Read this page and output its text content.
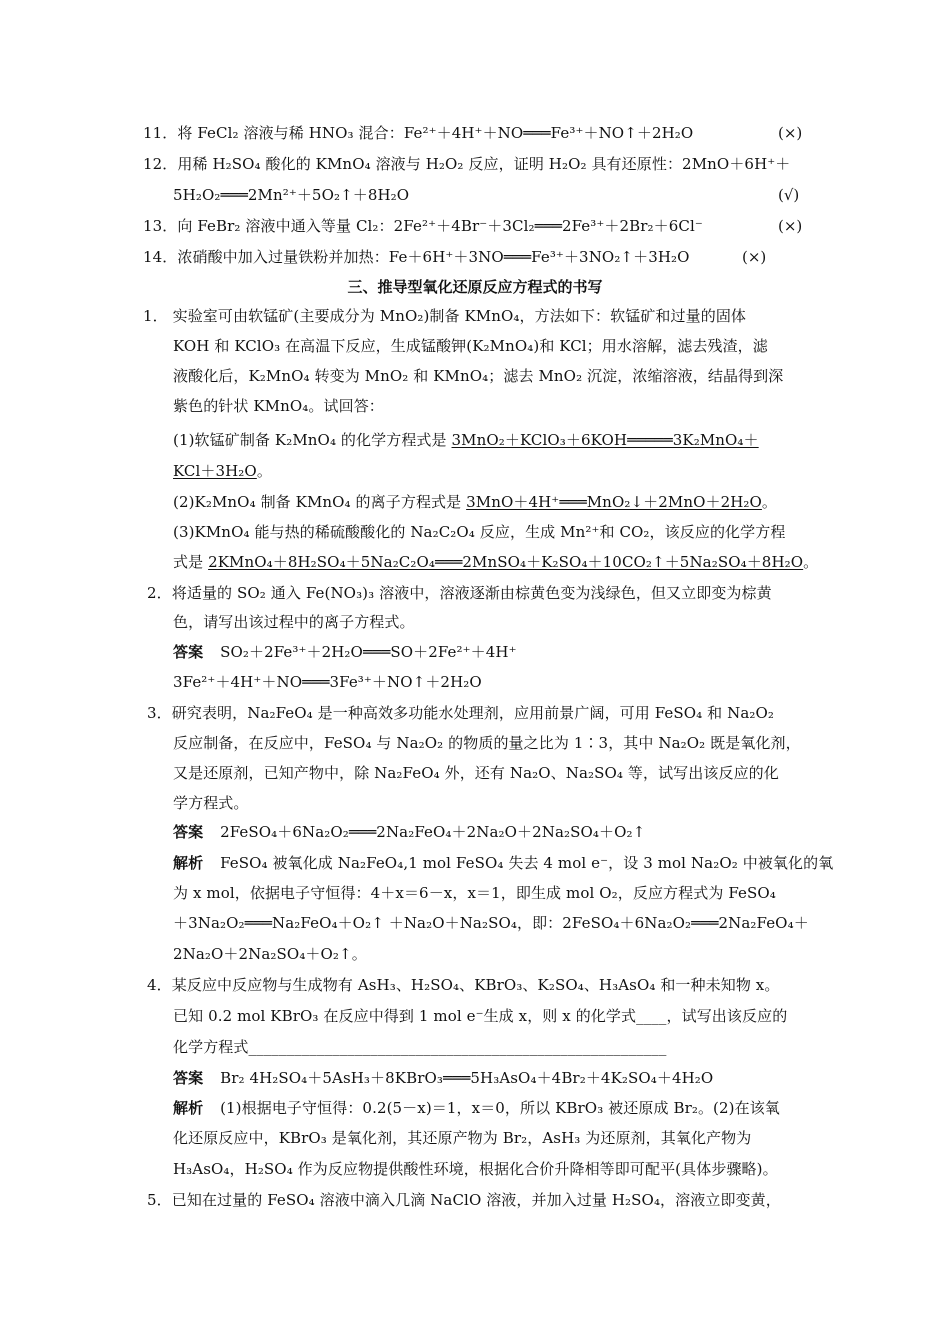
11．将 FeCl₂ 溶液与稀 HNO₃ 混合：Fe²⁺＋4H⁺＋NO═══Fe³⁺＋NO↑＋2H₂O	(×)
12．用稀 H₂SO₄ 酸化的 KMnO₄ 溶液与 H₂O₂ 反应，证明 H₂O₂ 具有还原性：2MnO＋6H⁺＋
5H₂O₂═══2Mn²⁺＋5O₂↑＋8H₂O	(√)
13．向 FeBr₂ 溶液中通入等量 Cl₂：2Fe²⁺＋4Br⁻＋3Cl₂═══2Fe³⁺＋2Br₂＋6Cl⁻	(×)
14．浓硝酸中加入过量铁粉并加热：Fe＋6H⁺＋3NO═══Fe³⁺＋3NO₂↑＋3H₂O	(×)
三、推导型氧化还原反应方程式的书写
1． 实验室可由软锰矿(主要成分为 MnO₂)制备 KMnO₄，方法如下：软锰矿和过量的固体
KOH 和 KClO₃ 在高温下反应，生成锰酸钾(K₂MnO₄)和 KCl；用水溶解，滤去残渣，滤
液酸化后，K₂MnO₄ 转变为 MnO₂ 和 KMnO₄；滤去 MnO₂ 沉淀，浓缩溶液，结晶得到深
紫色的针状 KMnO₄。试回答：
(1)软锰矿制备 K₂MnO₄ 的化学方程式是 3MnO₂＋KClO₃＋6KOH═════3K₂MnO₄＋
KCl＋3H₂O。
(2)K₂MnO₄ 制备 KMnO₄ 的离子方程式是 3MnO＋4H⁺═══MnO₂↓＋2MnO＋2H₂O。
(3)KMnO₄ 能与热的稀硫酸酸化的 Na₂C₂O₄ 反应，生成 Mn²⁺和 CO₂，该反应的化学方程
式是 2KMnO₄＋8H₂SO₄＋5Na₂C₂O₄═══2MnSO₄＋K₂SO₄＋10CO₂↑＋5Na₂SO₄＋8H₂O。
2．将适量的 SO₂ 通入 Fe(NO₃)₃ 溶液中，溶液逐渐由棕黄色变为浅绿色，但又立即变为棕黄
色，请写出该过程中的离子方程式。
答案 SO₂＋2Fe³⁺＋2H₂O═══SO＋2Fe²⁺＋4H⁺
3Fe²⁺＋4H⁺＋NO═══3Fe³⁺＋NO↑＋2H₂O
3．研究表明，Na₂FeO₄ 是一种高效多功能水处理剂，应用前景广阔，可用 FeSO₄ 和 Na₂O₂
反应制备，在反应中，FeSO₄ 与 Na₂O₂ 的物质的量之比为 1∶3，其中 Na₂O₂ 既是氧化剂，
又是还原剂，已知产物中，除 Na₂FeO₄ 外，还有 Na₂O、Na₂SO₄ 等，试写出该反应的化
学方程式。
答案 2FeSO₄＋6Na₂O₂═══2Na₂FeO₄＋2Na₂O＋2Na₂SO₄＋O₂↑
解析 FeSO₄ 被氧化成 Na₂FeO₄,1 mol FeSO₄ 失去 4 mol e⁻，设 3 mol Na₂O₂ 中被氧化的氧
为 x mol，依据电子守恒得：4＋x＝6－x，x＝1，即生成 mol O₂，反应方程式为 FeSO₄
＋3Na₂O₂═══Na₂FeO₄＋O₂↑ ＋Na₂O＋Na₂SO₄，即：2FeSO₄＋6Na₂O₂═══2Na₂FeO₄＋
2Na₂O＋2Na₂SO₄＋O₂↑。
4．某反应中反应物与生成物有 AsH₃、H₂SO₄、KBrO₃、K₂SO₄、H₃AsO₄ 和一种未知物 x。
已知 0.2 mol KBrO₃ 在反应中得到 1 mol e⁻生成 x，则 x 的化学式____，试写出该反应的
化学方程式_______________________________________________________
答案 Br₂ 4H₂SO₄＋5AsH₃＋8KBrO₃═══5H₃AsO₄＋4Br₂＋4K₂SO₄＋4H₂O
解析 (1)根据电子守恒得：0.2(5－x)＝1，x＝0，所以 KBrO₃ 被还原成 Br₂。(2)在该氧
化还原反应中，KBrO₃ 是氧化剂，其还原产物为 Br₂，AsH₃ 为还原剂，其氧化产物为
H₃AsO₄，H₂SO₄ 作为反应物提供酸性环境，根据化合价升降相等即可配平(具体步骤略)。
5．已知在过量的 FeSO₄ 溶液中滴入几滴 NaClO 溶液，并加入过量 H₂SO₄，溶液立即变黄，
